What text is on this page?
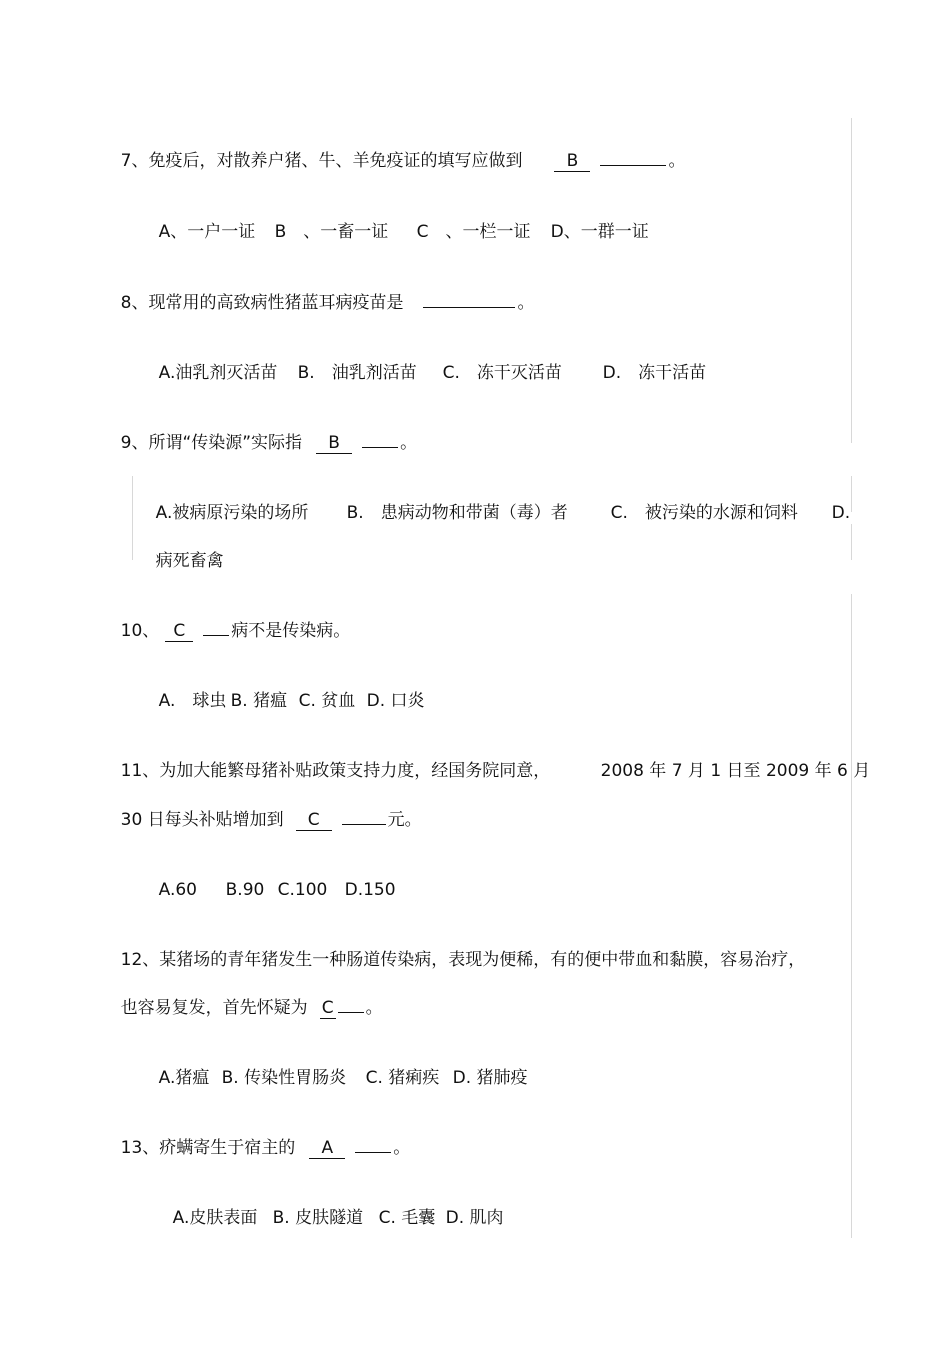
7、免疫后，对散养户猪、牛、羊免疫证的填写应做到	B	。

A、一户一证 B　、一畜一证 C　、一栏一证 D、一群一证

8、现常用的高致病性猪蓝耳病疫苗是	。

A.油乳剂灭活苗 B.　油乳剂活苗 C.　冻干灭活苗 D.　冻干活苗

9、所谓“传染源”实际指 B	。

A.被病原污染的场所 B.　患病动物和带菌（毒）者	C.　被污染的水源和饲料 D.

病死畜禽

10、 C	病不是传染病。

A.　球虫 B. 猪瘟 C. 贫血 D. 口炎

11、为加大能繁母猪补贴政策支持力度，经国务院同意，
	2008 年 7 月 1 日至 2009 年 6 月

30 日每头补贴增加到 C	元。

A.60 B.90 C.100 D.150

12、某猪场的青年猪发生一种肠道传染病，表现为便稀，有的便中带血和黏膜，容易治疗，

也容易复发，首先怀疑为 C 。

A.猪瘟 B. 传染性胃肠炎 C. 猪痢疾 D. 猪肺疫

13、疥螨寄生于宿主的 A	。

A.皮肤表面 B. 皮肤隧道 C. 毛囊 D. 肌肉
